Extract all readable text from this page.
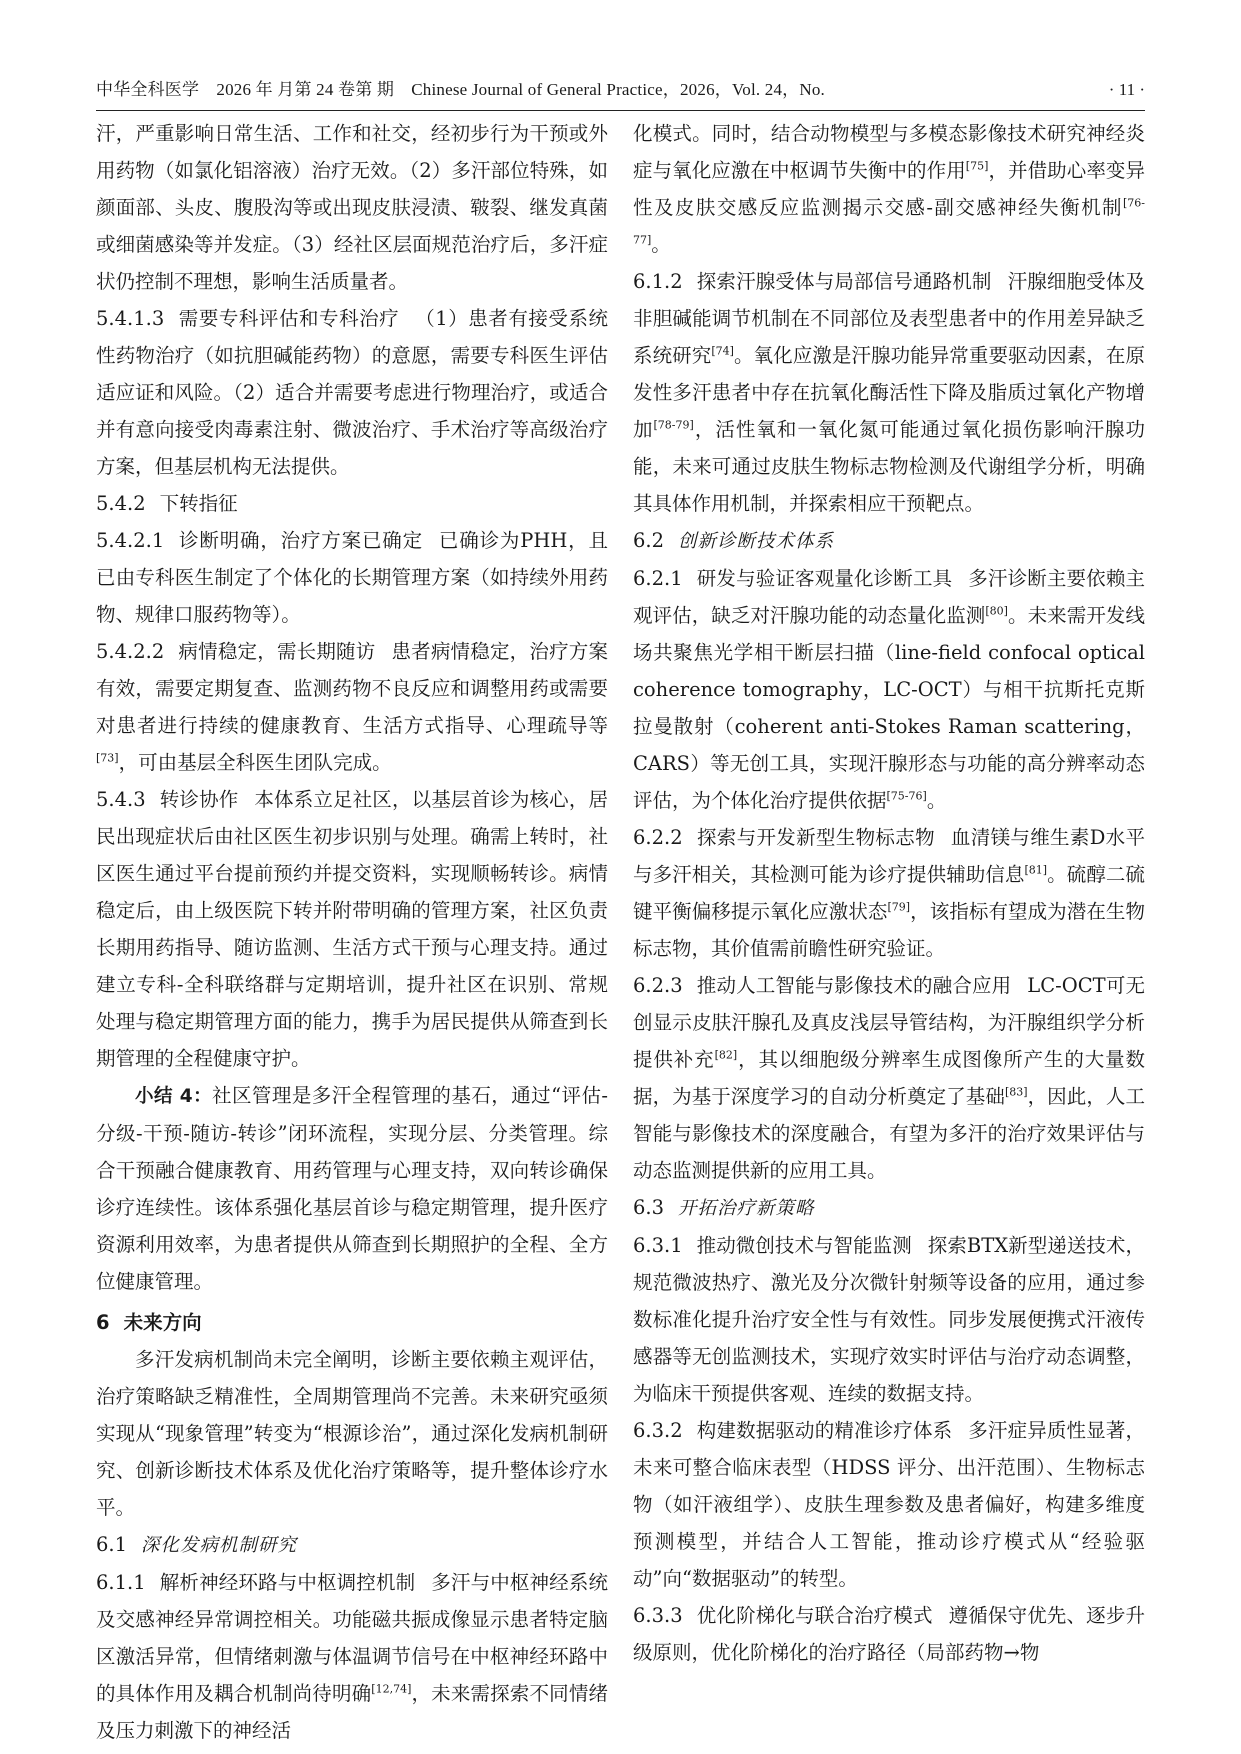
中华全科医学　2026 年 月第 24 卷第 期　Chinese Journal of General Practice，2026，Vol. 24，No.	· 11 ·

汗，严重影响日常生活、工作和社交，经初步行为干预或外用药物（如氯化铝溶液）治疗无效。（2）多汗部位特殊，如颜面部、头皮、腹股沟等或出现皮肤浸渍、皲裂、继发真菌或细菌感染等并发症。（3）经社区层面规范治疗后，多汗症状仍控制不理想，影响生活质量者。

5.4.1.3 需要专科评估和专科治疗 （1）患者有接受系统性药物治疗（如抗胆碱能药物）的意愿，需要专科医生评估适应证和风险。（2）适合并需要考虑进行物理治疗，或适合并有意向接受肉毒素注射、微波治疗、手术治疗等高级治疗方案，但基层机构无法提供。

5.4.2 下转指征

5.4.2.1 诊断明确，治疗方案已确定 已确诊为PHH，且已由专科医生制定了个体化的长期管理方案（如持续外用药物、规律口服药物等）。

5.4.2.2 病情稳定，需长期随访 患者病情稳定，治疗方案有效，需要定期复查、监测药物不良反应和调整用药或需要对患者进行持续的健康教育、生活方式指导、心理疏导等[73]，可由基层全科医生团队完成。

5.4.3 转诊协作 本体系立足社区，以基层首诊为核心，居民出现症状后由社区医生初步识别与处理。确需上转时，社区医生通过平台提前预约并提交资料，实现顺畅转诊。病情稳定后，由上级医院下转并附带明确的管理方案，社区负责长期用药指导、随访监测、生活方式干预与心理支持。通过建立专科-全科联络群与定期培训，提升社区在识别、常规处理与稳定期管理方面的能力，携手为居民提供从筛查到长期管理的全程健康守护。

小结 4：社区管理是多汗全程管理的基石，通过“评估-分级-干预-随访-转诊”闭环流程，实现分层、分类管理。综合干预融合健康教育、用药管理与心理支持，双向转诊确保诊疗连续性。该体系强化基层首诊与稳定期管理，提升医疗资源利用效率，为患者提供从筛查到长期照护的全程、全方位健康管理。

6 未来方向

多汗发病机制尚未完全阐明，诊断主要依赖主观评估，治疗策略缺乏精准性，全周期管理尚不完善。未来研究亟须实现从“现象管理”转变为“根源诊治”，通过深化发病机制研究、创新诊断技术体系及优化治疗策略等，提升整体诊疗水平。

6.1 深化发病机制研究

6.1.1 解析神经环路与中枢调控机制 多汗与中枢神经系统及交感神经异常调控相关。功能磁共振成像显示患者特定脑区激活异常，但情绪刺激与体温调节信号在中枢神经环路中的具体作用及耦合机制尚待明确[12,74]，未来需探索不同情绪及压力刺激下的神经活

化模式。同时，结合动物模型与多模态影像技术研究神经炎症与氧化应激在中枢调节失衡中的作用[75]，并借助心率变异性及皮肤交感反应监测揭示交感-副交感神经失衡机制[76-77]。

6.1.2 探索汗腺受体与局部信号通路机制 汗腺细胞受体及非胆碱能调节机制在不同部位及表型患者中的作用差异缺乏系统研究[74]。氧化应激是汗腺功能异常重要驱动因素，在原发性多汗患者中存在抗氧化酶活性下降及脂质过氧化产物增加[78-79]，活性氧和一氧化氮可能通过氧化损伤影响汗腺功能，未来可通过皮肤生物标志物检测及代谢组学分析，明确其具体作用机制，并探索相应干预靶点。

6.2 创新诊断技术体系

6.2.1 研发与验证客观量化诊断工具 多汗诊断主要依赖主观评估，缺乏对汗腺功能的动态量化监测[80]。未来需开发线场共聚焦光学相干断层扫描（line-field confocal optical coherence tomography，LC-OCT）与相干抗斯托克斯拉曼散射（coherent anti-Stokes Raman scattering，CARS）等无创工具，实现汗腺形态与功能的高分辨率动态评估，为个体化治疗提供依据[75-76]。

6.2.2 探索与开发新型生物标志物 血清镁与维生素D水平与多汗相关，其检测可能为诊疗提供辅助信息[81]。硫醇二硫键平衡偏移提示氧化应激状态[79]，该指标有望成为潜在生物标志物，其价值需前瞻性研究验证。

6.2.3 推动人工智能与影像技术的融合应用 LC-OCT可无创显示皮肤汗腺孔及真皮浅层导管结构，为汗腺组织学分析提供补充[82]，其以细胞级分辨率生成图像所产生的大量数据，为基于深度学习的自动分析奠定了基础[83]，因此，人工智能与影像技术的深度融合，有望为多汗的治疗效果评估与动态监测提供新的应用工具。

6.3 开拓治疗新策略

6.3.1 推动微创技术与智能监测 探索BTX新型递送技术，规范微波热疗、激光及分次微针射频等设备的应用，通过参数标准化提升治疗安全性与有效性。同步发展便携式汗液传感器等无创监测技术，实现疗效实时评估与治疗动态调整，为临床干预提供客观、连续的数据支持。

6.3.2 构建数据驱动的精准诊疗体系 多汗症异质性显著，未来可整合临床表型（HDSS 评分、出汗范围）、生物标志物（如汗液组学）、皮肤生理参数及患者偏好，构建多维度预测模型，并结合人工智能，推动诊疗模式从“经验驱动”向“数据驱动”的转型。

6.3.3 优化阶梯化与联合治疗模式 遵循保守优先、逐步升级原则，优化阶梯化的治疗路径（局部药物→物
